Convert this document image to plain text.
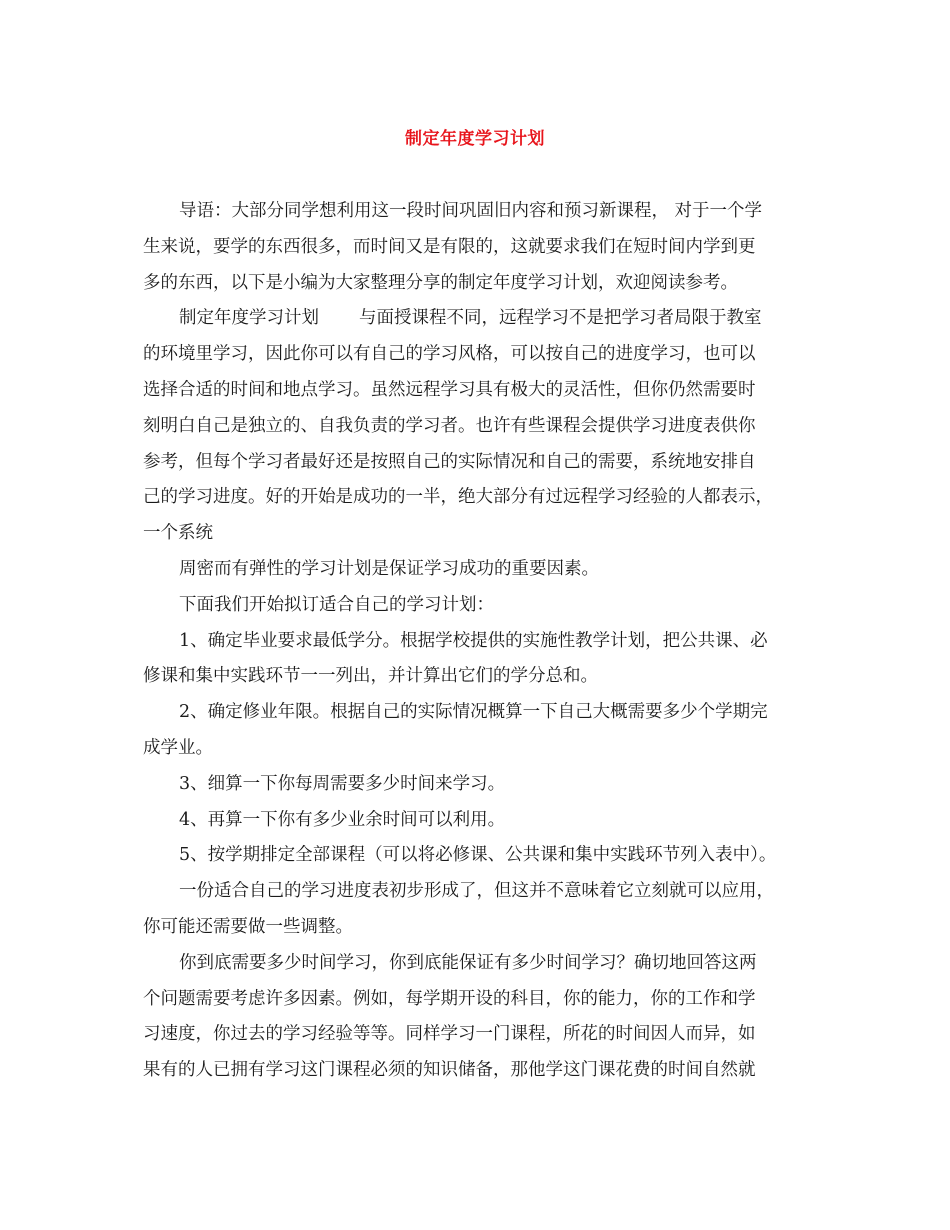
制定年度学习计划
导语：大部分同学想利用这一段时间巩固旧内容和预习新课程， 对于一个学
生来说，要学的东西很多，而时间又是有限的，这就要求我们在短时间内学到更
多的东西，以下是小编为大家整理分享的制定年度学习计划，欢迎阅读参考。
制定年度学习计划 与面授课程不同，远程学习不是把学习者局限于教室
的环境里学习，因此你可以有自己的学习风格，可以按自己的进度学习，也可以
选择合适的时间和地点学习。虽然远程学习具有极大的灵活性，但你仍然需要时
刻明白自己是独立的、自我负责的学习者。也许有些课程会提供学习进度表供你
参考，但每个学习者最好还是按照自己的实际情况和自己的需要，系统地安排自
己的学习进度。好的开始是成功的一半，绝大部分有过远程学习经验的人都表示，
一个系统
周密而有弹性的学习计划是保证学习成功的重要因素。
下面我们开始拟订适合自己的学习计划：
1、确定毕业要求最低学分。根据学校提供的实施性教学计划，把公共课、必
修课和集中实践环节一一列出，并计算出它们的学分总和。
2、确定修业年限。根据自己的实际情况概算一下自己大概需要多少个学期完
成学业。
3、细算一下你每周需要多少时间来学习。
4、再算一下你有多少业余时间可以利用。
5、按学期排定全部课程（可以将必修课、公共课和集中实践环节列入表中）。
一份适合自己的学习进度表初步形成了，但这并不意味着它立刻就可以应用，
你可能还需要做一些调整。
你到底需要多少时间学习，你到底能保证有多少时间学习？确切地回答这两
个问题需要考虑许多因素。例如，每学期开设的科目，你的能力，你的工作和学
习速度，你过去的学习经验等等。同样学习一门课程，所花的时间因人而异，如
果有的人已拥有学习这门课程必须的知识储备，那他学这门课花费的时间自然就
